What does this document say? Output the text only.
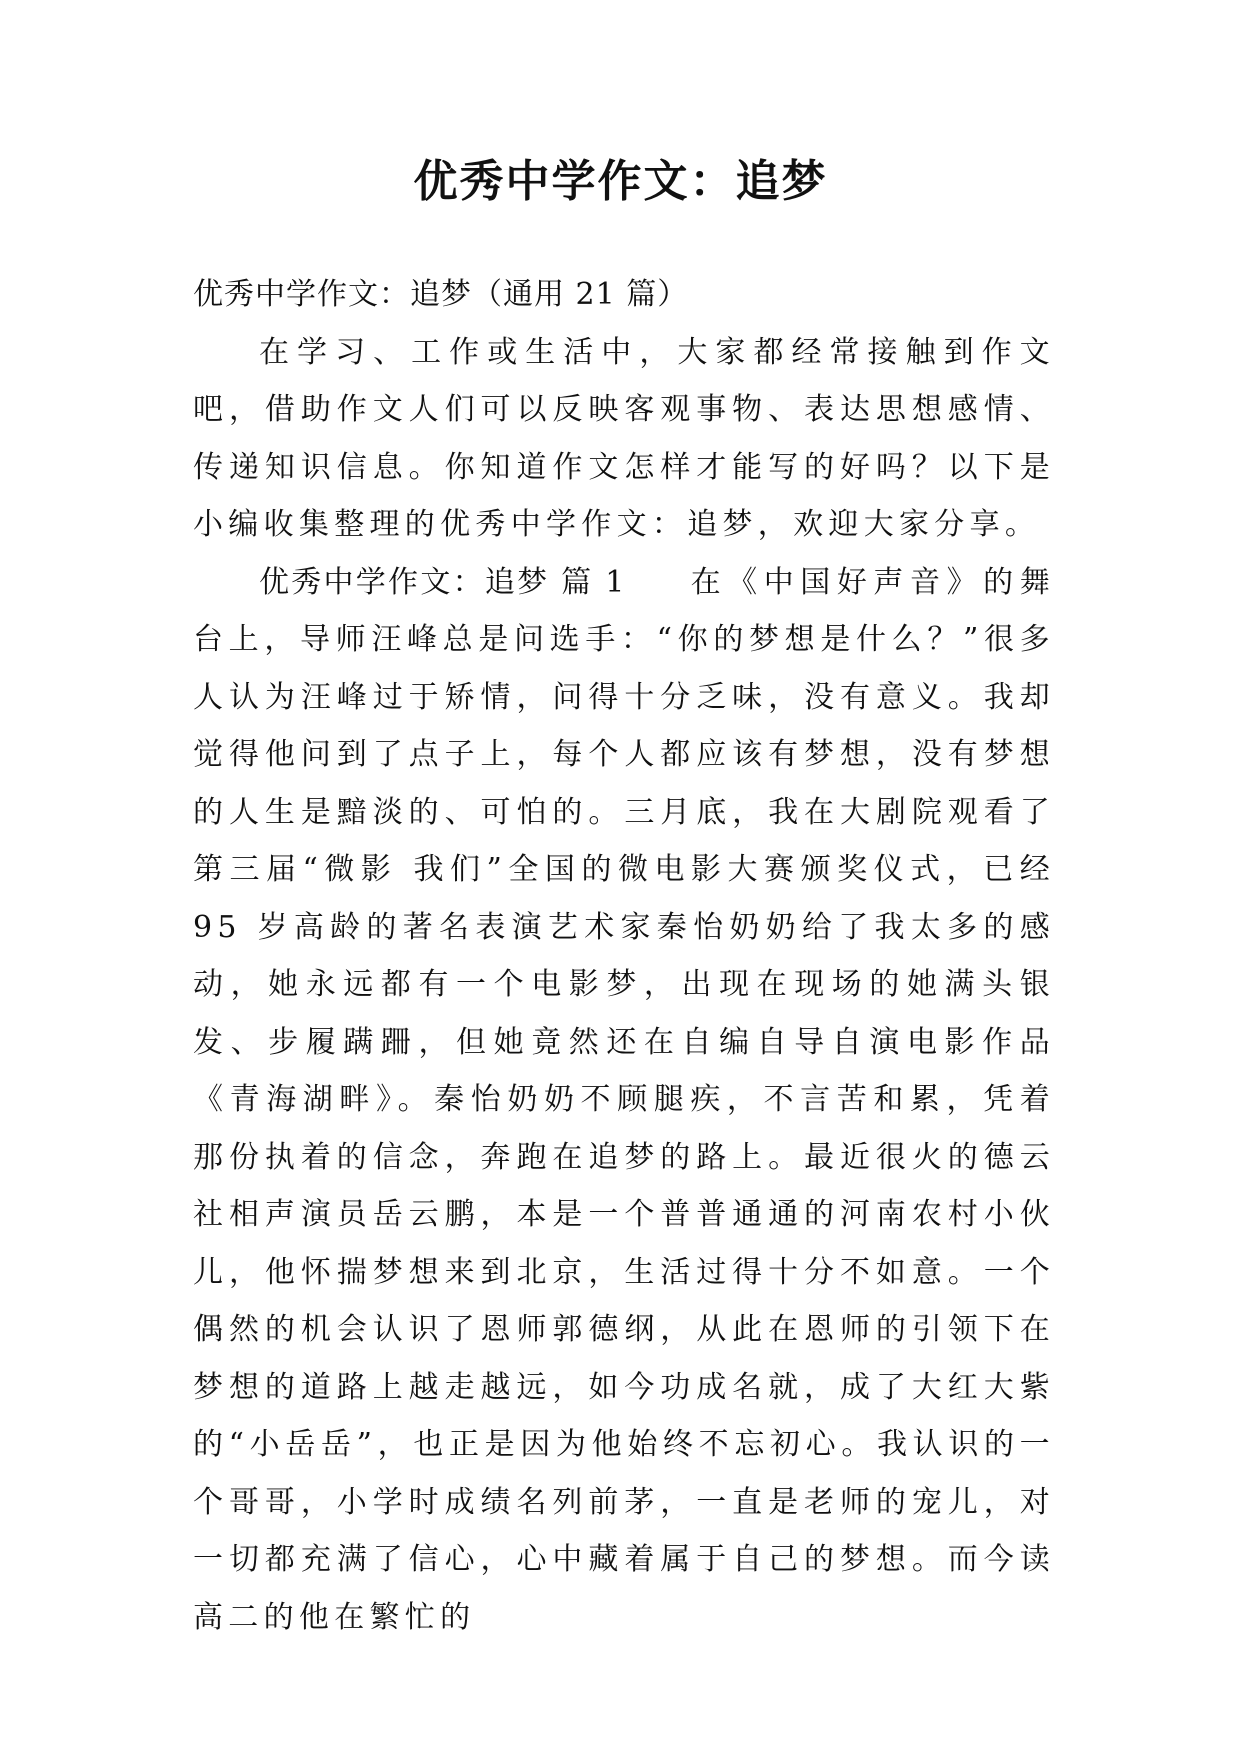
优秀中学作文：追梦

优秀中学作文：追梦（通用 21 篇）

在学习、工作或生活中，大家都经常接触到作文吧，借助作文人们可以反映客观事物、表达思想感情、传递知识信息。你知道作文怎样才能写的好吗？以下是小编收集整理的优秀中学作文：追梦，欢迎大家分享。

优秀中学作文：追梦 篇 1 在《中国好声音》的舞台上，导师汪峰总是问选手：“你的梦想是什么？”很多人认为汪峰过于矫情，问得十分乏味，没有意义。我却觉得他问到了点子上，每个人都应该有梦想，没有梦想的人生是黯淡的、可怕的。三月底，我在大剧院观看了第三届“微影 我们”全国的微电影大赛颁奖仪式，已经 95 岁高龄的著名表演艺术家秦怡奶奶给了我太多的感动，她永远都有一个电影梦，出现在现场的她满头银发、步履蹒跚，但她竟然还在自编自导自演电影作品《青海湖畔》。秦怡奶奶不顾腿疾，不言苦和累，凭着那份执着的信念，奔跑在追梦的路上。最近很火的德云社相声演员岳云鹏，本是一个普普通通的河南农村小伙儿，他怀揣梦想来到北京，生活过得十分不如意。一个偶然的机会认识了恩师郭德纲，从此在恩师的引领下在梦想的道路上越走越远，如今功成名就，成了大红大紫的“小岳岳”，也正是因为他始终不忘初心。我认识的一个哥哥，小学时成绩名列前茅，一直是老师的宠儿，对一切都充满了信心，心中藏着属于自己的梦想。而今读高二的他在繁忙的
